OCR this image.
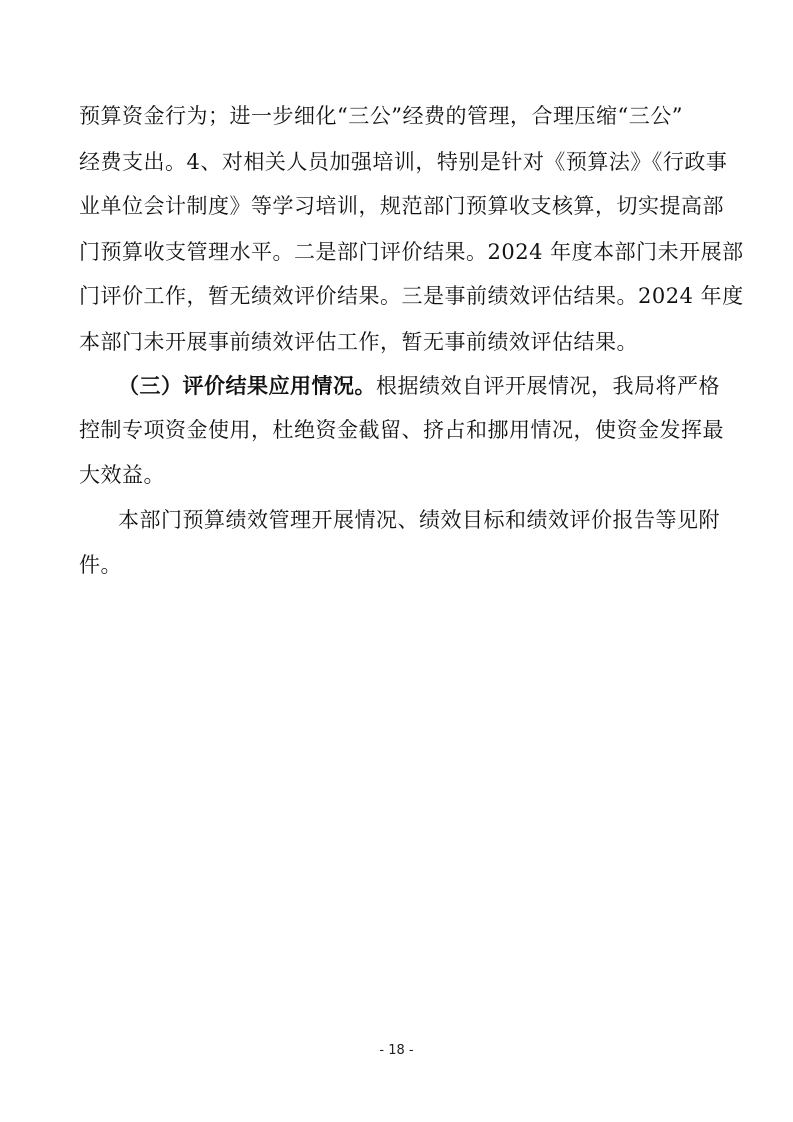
预算资金行为；进一步细化“三公”经费的管理，合理压缩“三公”
经费支出。4、对相关人员加强培训，特别是针对《预算法》《行政事
业单位会计制度》等学习培训，规范部门预算收支核算，切实提高部
门预算收支管理水平。二是部门评价结果。2024 年度本部门未开展部
门评价工作，暂无绩效评价结果。三是事前绩效评估结果。2024 年度
本部门未开展事前绩效评估工作，暂无事前绩效评估结果。
（三）评价结果应用情况。根据绩效自评开展情况，我局将严格
控制专项资金使用，杜绝资金截留、挤占和挪用情况，使资金发挥最
大效益。
本部门预算绩效管理开展情况、绩效目标和绩效评价报告等见附
件。
- 18 -
